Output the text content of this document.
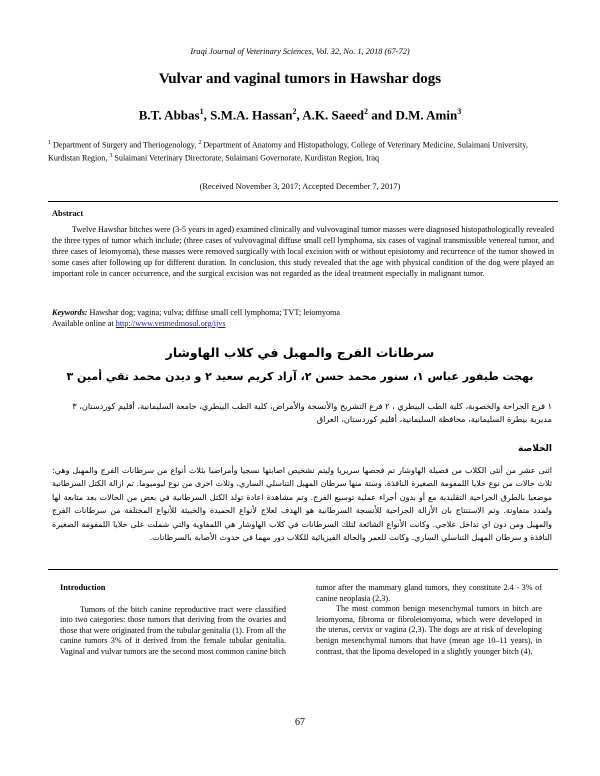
Iraqi Journal of Veterinary Sciences, Vol. 32, No. 1, 2018 (67-72)
Vulvar and vaginal tumors in Hawshar dogs
B.T. Abbas$^1$, S.M.A. Hassan$^2$, A.K. Saeed$^2$ and D.M. Amin$^3$
$^1$ Department of Surgery and Theriogenology, $^2$ Department of Anatomy and Histopathology, College of Veterinary Medicine, Sulaimani University, Kurdistan Region, $^3$ Sulaimani Veterinary Directorate, Sulaimani Governorate, Kurdistan Region, Iraq
(Received November 3, 2017; Accepted December 7, 2017)
Abstract
Twelve Hawshar bitches were (3-5 years in aged) examined clinically and vulvovaginal tumor masses were diagnosed histopathologically revealed the three types of tumor which include; (three cases of vulvovaginal diffuse small cell lymphoma, six cases of vaginal transmissible venereal tumor, and three cases of leiomyoma), these masses were removed surgically with local excision with or without episiotomy and recurrence of the tumor showed in some cases after following up for different duration. In conclusion, this study revealed that the age with physical condition of the dog were played an important role in cancer occurrence, and the surgical excision was not regarded as the ideal treatment especially in malignant tumor.
Keywords: Hawshar dog; vagina; vulva; diffuse small cell lymphoma; TVT; leiomyoma
Available online at http://www.vetmedmosul.org/ijvs
سرطانات الفرج والمهبل في كلاب الهاوشار
بهجت طيفور عباس ١، سنور محمد حسن ٢، آزاد كريم سعيد ٢ و ديدن محمد تقي أمين ٣
١ فرع الجراحة والخصوبة، كلية الطب البيطري ، ٢ فرع التشريح والأنسجة والأمراض، كلية الطب البيطري، جامعة السليمانية، أقليم كوردستان، ٣ مديرية بيطرة السليمانية، محافظة السليمانية، أقليم كوردستان، العراق
الخلاصة
اثنى عشر من أنثى الكلاب من فصيلة الهاوشار تم فحصها سريريا وليتم تشخيص اصابتها نسجيا وأمراضيا بثلاث أنواع من سرطانات الفرج والمهبل وهي: ثلاث حالات من نوع خلايا اللمفومة الصغيرة النافذة، وستة منها سرطان المهبل التناسلي الساري، وثلاث اخرى من نوع ليوميوما. تم ازالة الكتل السرطانية موضعيا بالطرق الجراحية التقليدية مع أو بدون أجراء عملية توسيع الفرج. وتم مشاهدة اعادة تولد الكتل السرطانية في بعض من الحالات بعد متابعة لها ولمدد متفاوتة. وتم الاستنتاج بان الأزالة الجراحية للأنسجة السرطانية هو الهدف لعلاج لأنواع الحميدة والخبيثة للأنواع المختلفة من سرطانات الفرج والمهبل ومن دون اي تداخل علاجي. وكانت الأنواع الشائعة لتلك السرطانات في كلاب الهاوشار هي اللمفاوية والتي شملت على خلايا اللمفومة الصغيرة النافذة و سرطان المهبل التناسلي الساري. وكانت للعمر والحالة الفيزيائية للكلاب دور مهما في حدوث الأصابة بالسرطانات.
Introduction

Tumors of the bitch canine reproductive tract were classified into two categories: those tumors that deriving from the ovaries and those that were originated from the tubular genitalia (1). From all the canine tumors 3% of it derived from the female tubular genitalia. Vaginal and vulvar tumors are the second most common canine bitch

tumor after the mammary gland tumors, they constitute 2.4 - 3% of canine neoplasia (2,3).

The most common benign mesenchymal tumors in bitch are leiomyoma, fibroma or fibroleiomyoma, which were developed in the uterus, cervix or vagina (2,3). The dogs are at risk of developing benign mesenchymal tumors that have (mean age 10–11 years), in contrast, that the lipoma developed in a slightly younger bitch (4).

67
